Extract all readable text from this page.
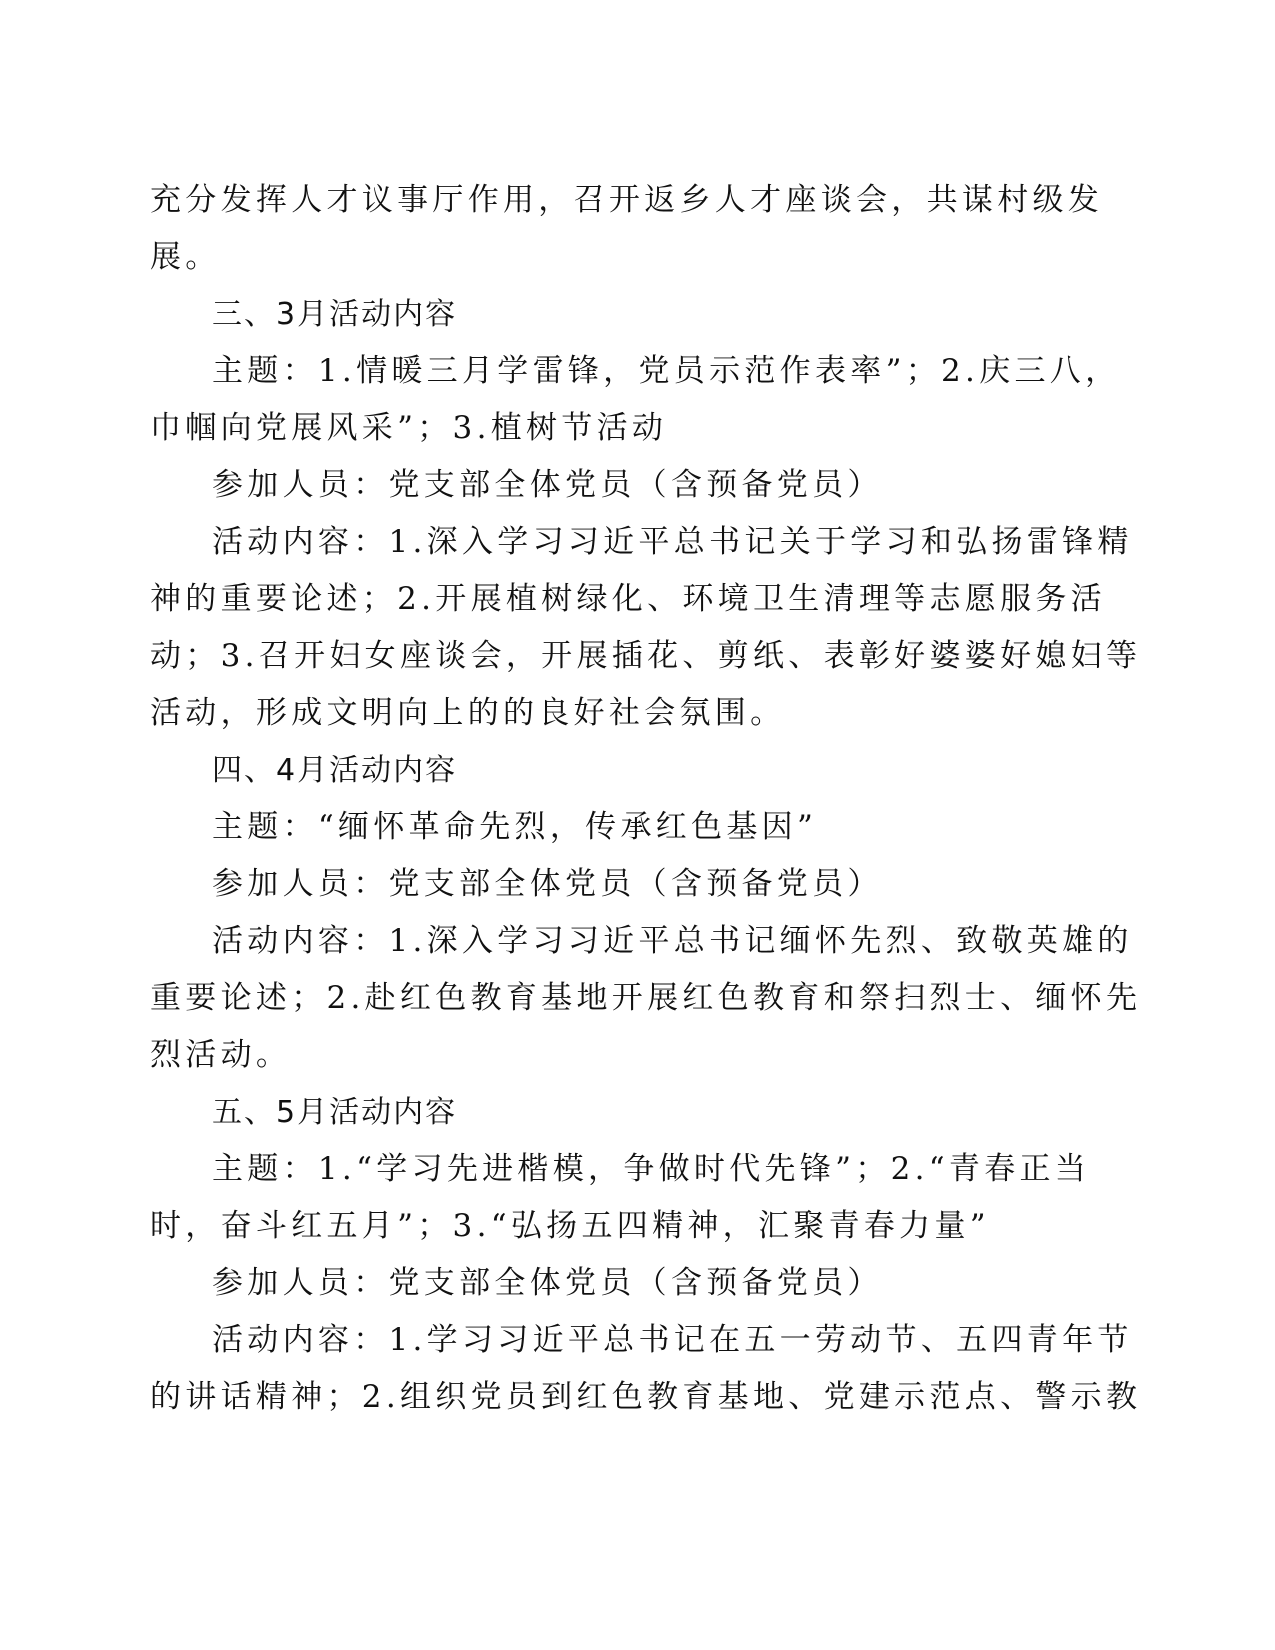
充分发挥人才议事厅作用，召开返乡人才座谈会，共谋村级发
展。
三、3月活动内容
主题：1.情暖三月学雷锋，党员示范作表率”；2.庆三八，
巾帼向党展风采”；3.植树节活动
参加人员：党支部全体党员（含预备党员）
活动内容：1.深入学习习近平总书记关于学习和弘扬雷锋精
神的重要论述；2.开展植树绿化、环境卫生清理等志愿服务活
动；3.召开妇女座谈会，开展插花、剪纸、表彰好婆婆好媳妇等
活动，形成文明向上的的良好社会氛围。
四、4月活动内容
主题：“缅怀革命先烈，传承红色基因”
参加人员：党支部全体党员（含预备党员）
活动内容：1.深入学习习近平总书记缅怀先烈、致敬英雄的
重要论述；2.赴红色教育基地开展红色教育和祭扫烈士、缅怀先
烈活动。
五、5月活动内容
主题：1.“学习先进楷模，争做时代先锋”；2.“青春正当
时，奋斗红五月”；3.“弘扬五四精神，汇聚青春力量”
参加人员：党支部全体党员（含预备党员）
活动内容：1.学习习近平总书记在五一劳动节、五四青年节
的讲话精神；2.组织党员到红色教育基地、党建示范点、警示教
